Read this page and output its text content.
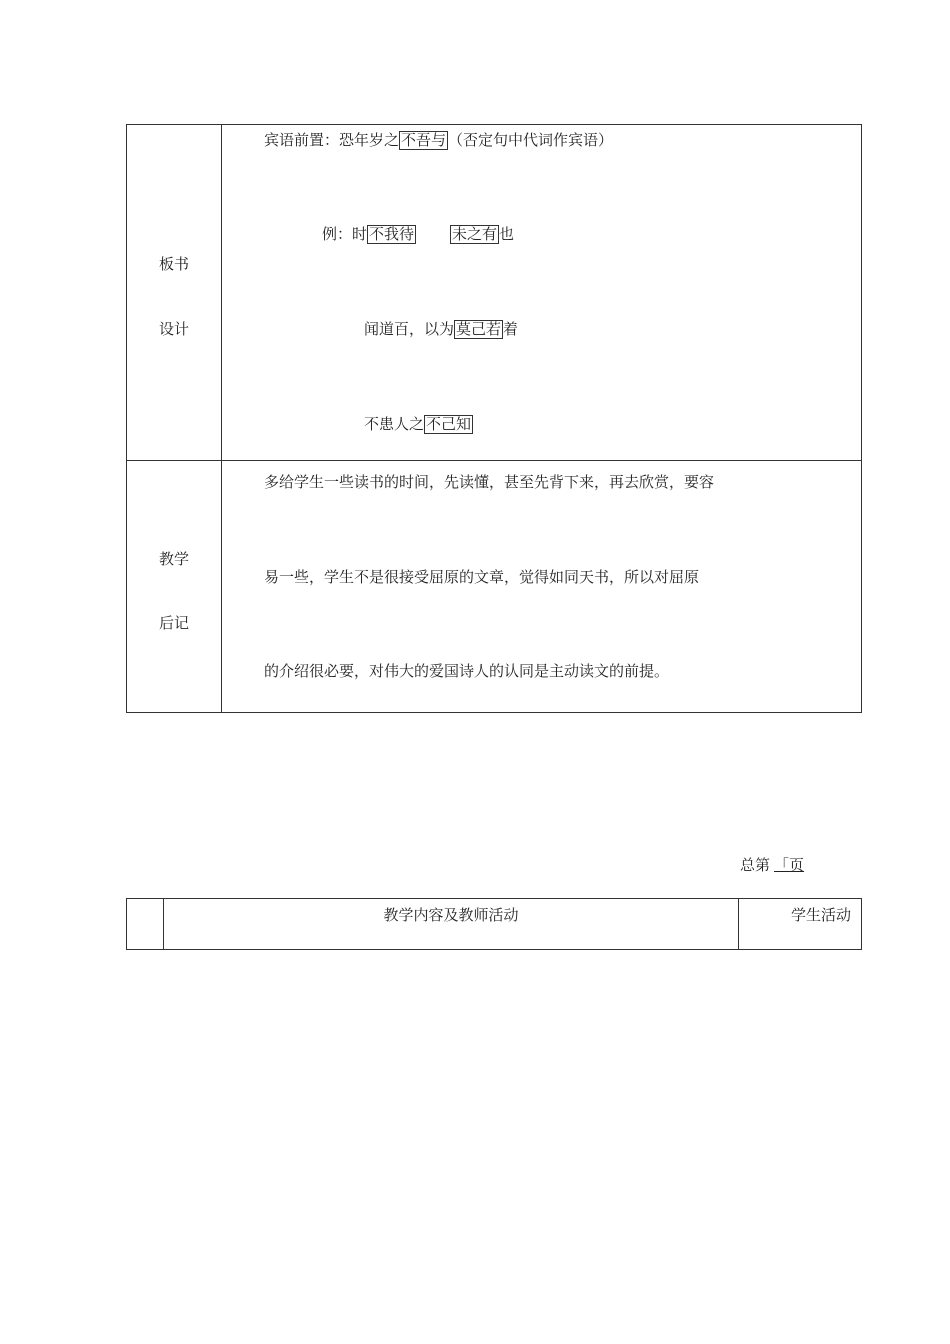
板书
设计
宾语前置：恐年岁之 不吾与 （否定句中代词作宾语）
例：时 不我待	未之有 也
闻道百，以为 莫己若 着
不患人之 不己知
教学
后记
多给学生一些读书的时间，先读懂，甚至先背下来，再去欣赏，要容
易一些，学生不是很接受屈原的文章，觉得如同天书，所以对屈原
的介绍很必要，对伟大的爱国诗人的认同是主动读文的前提。
总第 「页
教学内容及教师活动	学生活动
